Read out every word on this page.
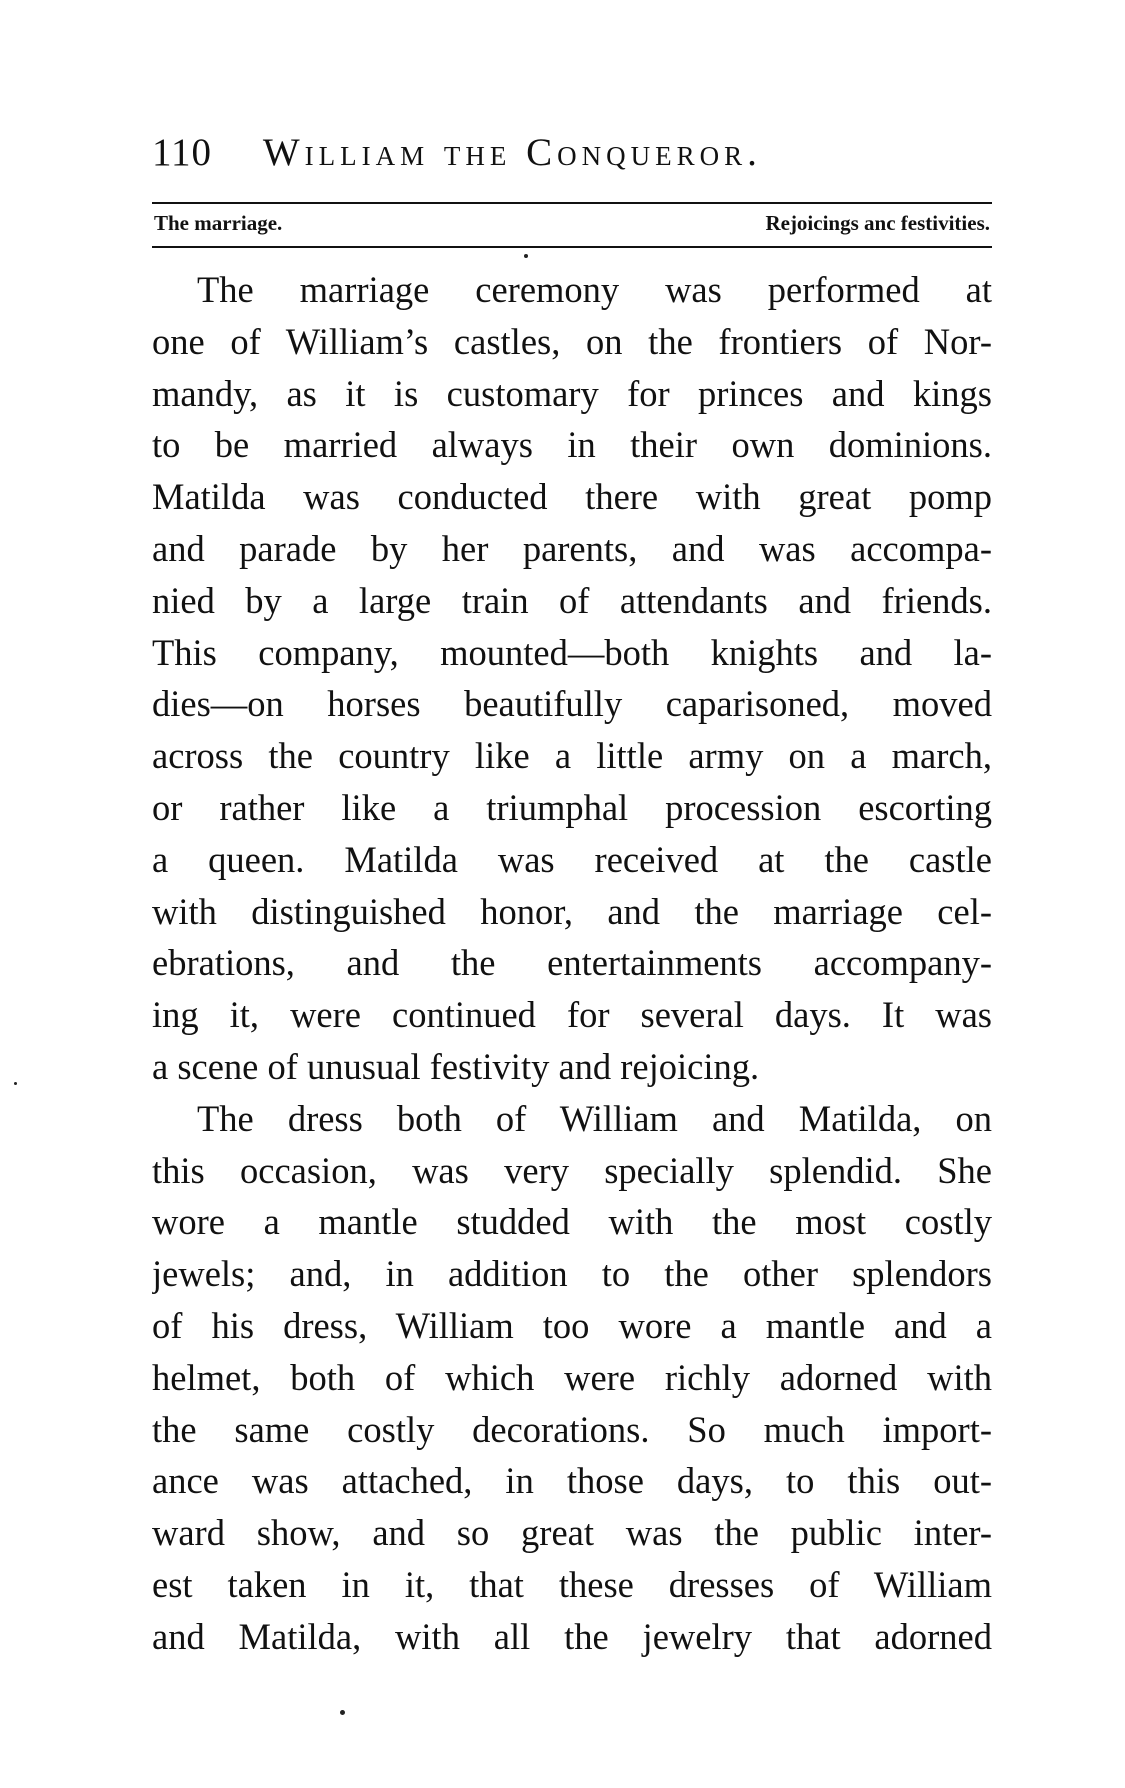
110 William the Conqueror.
The marriage.	Rejoicings anc festivities.
The marriage ceremony was performed at
one of William’s castles, on the frontiers of Nor-
mandy, as it is customary for princes and kings
to be married always in their own dominions.
Matilda was conducted there with great pomp
and parade by her parents, and was accompa-
nied by a large train of attendants and friends.
This company, mounted—both knights and la-
dies—on horses beautifully caparisoned, moved
across the country like a little army on a march,
or rather like a triumphal procession escorting
a queen. Matilda was received at the castle
with distinguished honor, and the marriage cel-
ebrations, and the entertainments accompany-
ing it, were continued for several days. It was
a scene of unusual festivity and rejoicing.
The dress both of William and Matilda, on
this occasion, was very specially splendid. She
wore a mantle studded with the most costly
jewels; and, in addition to the other splendors
of his dress, William too wore a mantle and a
helmet, both of which were richly adorned with
the same costly decorations. So much import-
ance was attached, in those days, to this out-
ward show, and so great was the public inter-
est taken in it, that these dresses of William
and Matilda, with all the jewelry that adorned
